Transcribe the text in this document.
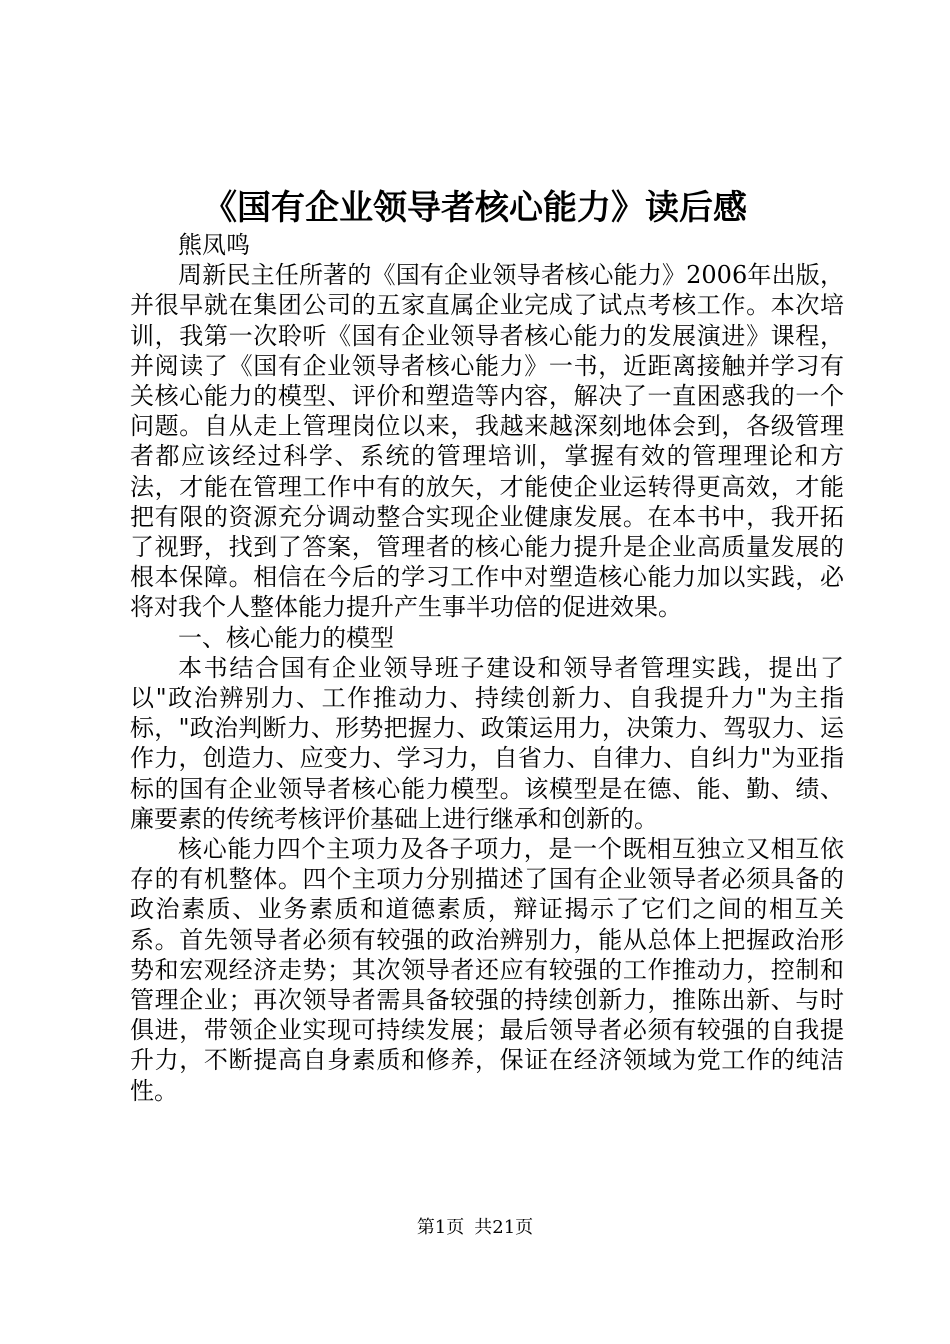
《国有企业领导者核心能力》读后感

熊凤鸣

周新民主任所著的《国有企业领导者核心能力》2006年出版，并很早就在集团公司的五家直属企业完成了试点考核工作。本次培训，我第一次聆听《国有企业领导者核心能力的发展演进》课程，并阅读了《国有企业领导者核心能力》一书，近距离接触并学习有关核心能力的模型、评价和塑造等内容，解决了一直困惑我的一个问题。自从走上管理岗位以来，我越来越深刻地体会到，各级管理者都应该经过科学、系统的管理培训，掌握有效的管理理论和方法，才能在管理工作中有的放矢，才能使企业运转得更高效，才能把有限的资源充分调动整合实现企业健康发展。在本书中，我开拓了视野，找到了答案，管理者的核心能力提升是企业高质量发展的根本保障。相信在今后的学习工作中对塑造核心能力加以实践，必将对我个人整体能力提升产生事半功倍的促进效果。

一、核心能力的模型

本书结合国有企业领导班子建设和领导者管理实践，提出了以"政治辨别力、工作推动力、持续创新力、自我提升力"为主指标，"政治判断力、形势把握力、政策运用力，决策力、驾驭力、运作力，创造力、应变力、学习力，自省力、自律力、自纠力"为亚指标的国有企业领导者核心能力模型。该模型是在德、能、勤、绩、廉要素的传统考核评价基础上进行继承和创新的。

核心能力四个主项力及各子项力，是一个既相互独立又相互依存的有机整体。四个主项力分别描述了国有企业领导者必须具备的政治素质、业务素质和道德素质，辩证揭示了它们之间的相互关系。首先领导者必须有较强的政治辨别力，能从总体上把握政治形势和宏观经济走势；其次领导者还应有较强的工作推动力，控制和管理企业；再次领导者需具备较强的持续创新力，推陈出新、与时俱进，带领企业实现可持续发展；最后领导者必须有较强的自我提升力，不断提高自身素质和修养，保证在经济领域为党工作的纯洁性。

第1页 共21页
